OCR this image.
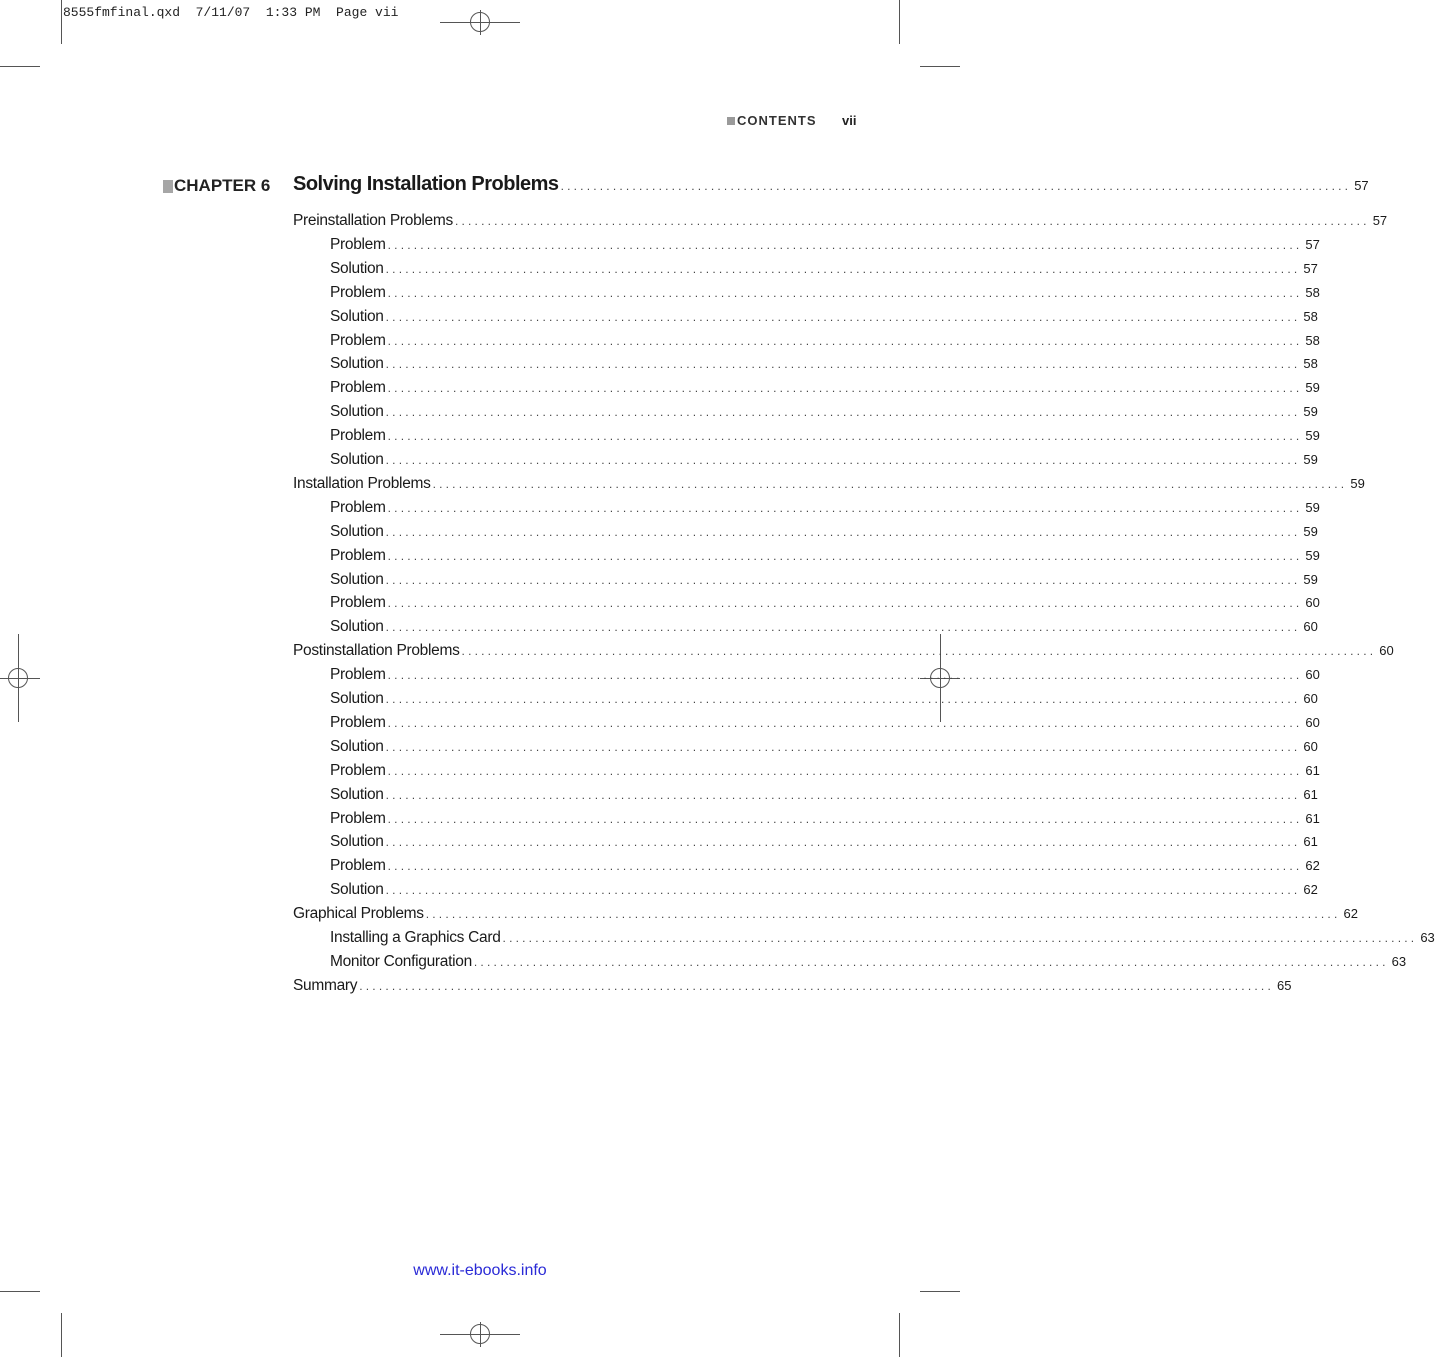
8555fmfinal.qxd  7/11/07  1:33 PM  Page vii
CONTENTS vii
CHAPTER 6 Solving Installation Problems ......................................................................................................................... 57
Preinstallation Problems ............................................................................................................................................ 57
Problem ............................................................................................................................................ 57
Solution ............................................................................................................................................ 57
Problem ............................................................................................................................................ 58
Solution ............................................................................................................................................ 58
Problem ............................................................................................................................................ 58
Solution ............................................................................................................................................ 58
Problem ............................................................................................................................................ 59
Solution ............................................................................................................................................ 59
Problem ............................................................................................................................................ 59
Solution ............................................................................................................................................ 59
Installation Problems ............................................................................................................................................ 59
Problem ............................................................................................................................................ 59
Solution ............................................................................................................................................ 59
Problem ............................................................................................................................................ 59
Solution ............................................................................................................................................ 59
Problem ............................................................................................................................................ 60
Solution ............................................................................................................................................ 60
Postinstallation Problems ............................................................................................................................................ 60
Problem ............................................................................................................................................ 60
Solution ............................................................................................................................................ 60
Problem ............................................................................................................................................ 60
Solution ............................................................................................................................................ 60
Problem ............................................................................................................................................ 61
Solution ............................................................................................................................................ 61
Problem ............................................................................................................................................ 61
Solution ............................................................................................................................................ 61
Problem ............................................................................................................................................ 62
Solution ............................................................................................................................................ 62
Graphical Problems ............................................................................................................................................ 62
Installing a Graphics Card ............................................................................................................................................ 63
Monitor Configuration ............................................................................................................................................ 63
Summary ............................................................................................................................................ 65
www.it-ebooks.info
